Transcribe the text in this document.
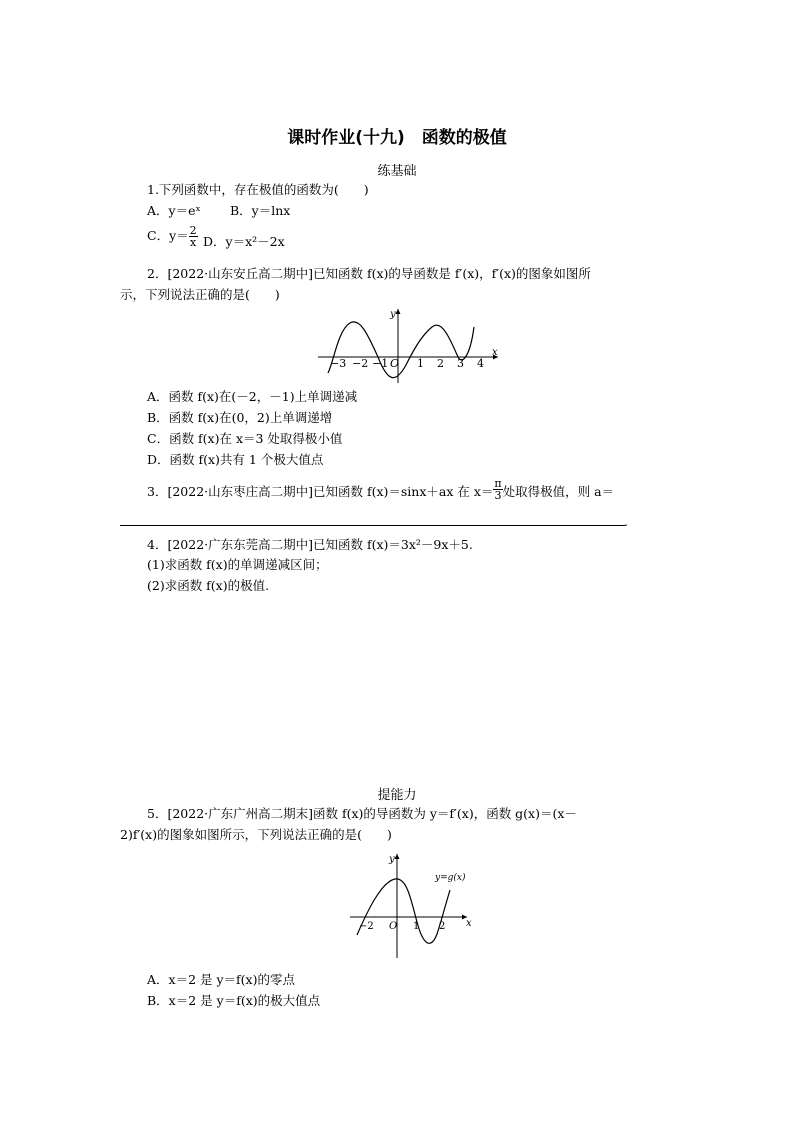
课时作业(十九)　函数的极值
练基础
1.下列函数中，存在极值的函数为(　　)
A．y＝eˣ B．y＝lnx
C．$y= \frac{2}{x}$ D．y＝x²－2x
2．[2022·山东安丘高二期中]已知函数 f(x)的导函数是 f′(x)，f′(x)的图象如图所
示，下列说法正确的是(　　)
y
x
O
−3 −2 −1	1 2 3 4
A．函数 f(x)在(－2，－1)上单调递减
B．函数 f(x)在(0，2)上单调递增
C．函数 f(x)在 x＝3 处取得极小值
D．函数 f(x)共有 1 个极大值点
3．[2022·山东枣庄高二期中]已知函数 f(x)＝sinx＋ax 在 $x= \frac{\pi}{3}$ 处取得极值，则 a＝
.
4．[2022·广东东莞高二期中]已知函数 f(x)＝3x²－9x＋5.
(1)求函数 f(x)的单调递减区间；
(2)求函数 f(x)的极值.
提能力
5．[2022·广东广州高二期末]函数 f(x)的导函数为 y＝f′(x)，函数 g(x)＝(x－
2)f′(x)的图象如图所示，下列说法正确的是(　　)
y
x
O
y=g(x)
−2	1 2
A．x＝2 是 y＝f(x)的零点
B．x＝2 是 y＝f(x)的极大值点
